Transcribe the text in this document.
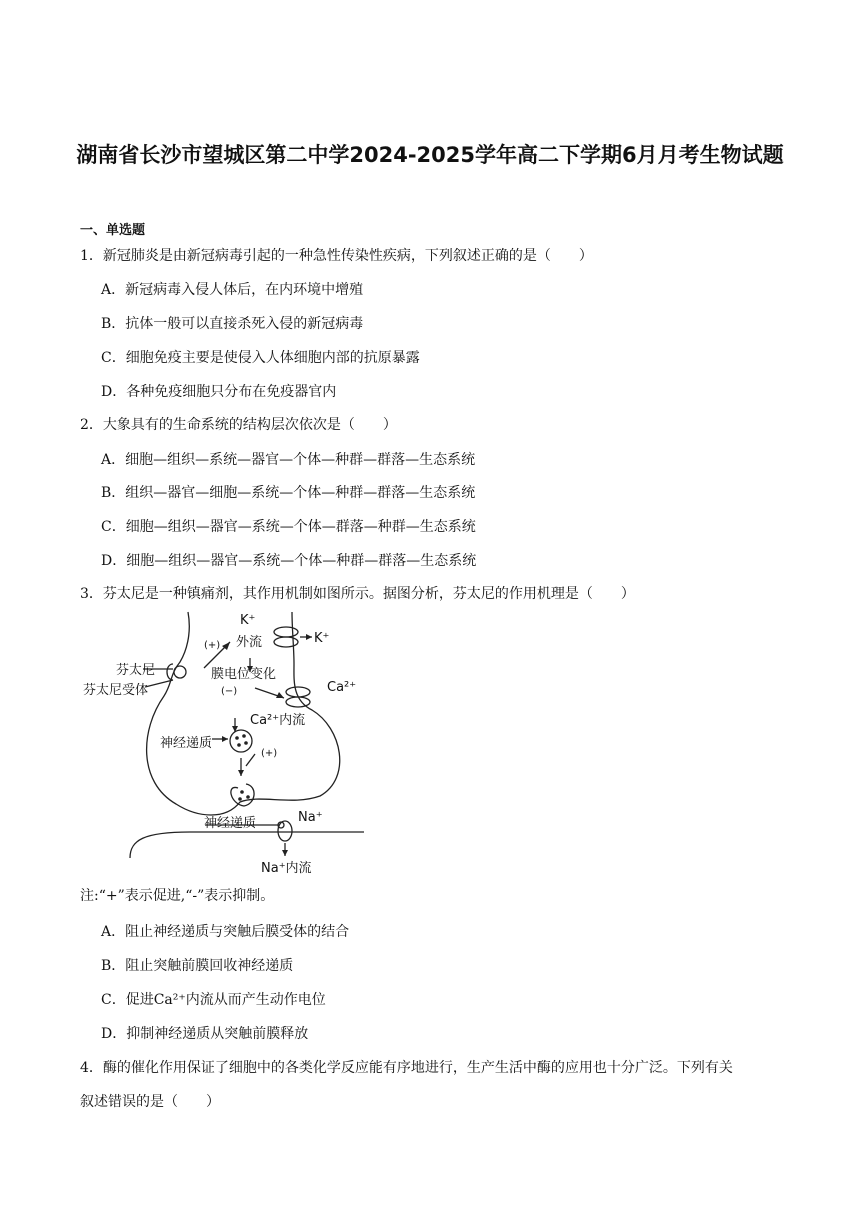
湖南省长沙市望城区第二中学2024-2025学年高二下学期6月月考生物试题
一、单选题
1．新冠肺炎是由新冠病毒引起的一种急性传染性疾病，下列叙述正确的是（　　）
A．新冠病毒入侵人体后，在内环境中增殖
B．抗体一般可以直接杀死入侵的新冠病毒
C．细胞免疫主要是使侵入人体细胞内部的抗原暴露
D．各种免疫细胞只分布在免疫器官内
2．大象具有的生命系统的结构层次依次是（　　）
A．细胞—组织—系统—器官—个体—种群—群落—生态系统
B．组织—器官—细胞—系统—个体—种群—群落—生态系统
C．细胞—组织—器官—系统—个体—群落—种群—生态系统
D．细胞—组织—器官—系统—个体—种群—群落—生态系统
3．芬太尼是一种镇痛剂，其作用机制如图所示。据图分析，芬太尼的作用机理是（　　）
K⁺
(+) 外流	K⁺
芬太尼
芬太尼受体
膜电位变化
(−)	Ca²⁺
Ca²⁺内流
神经递质
(+)
神经递质	Na⁺
Na⁺内流
注:“+”表示促进,“-”表示抑制。
A．阻止神经递质与突触后膜受体的结合
B．阻止突触前膜回收神经递质
C．促进Ca²⁺内流从而产生动作电位
D．抑制神经递质从突触前膜释放
4．酶的催化作用保证了细胞中的各类化学反应能有序地进行，生产生活中酶的应用也十分广泛。下列有关
叙述错误的是（　　）
